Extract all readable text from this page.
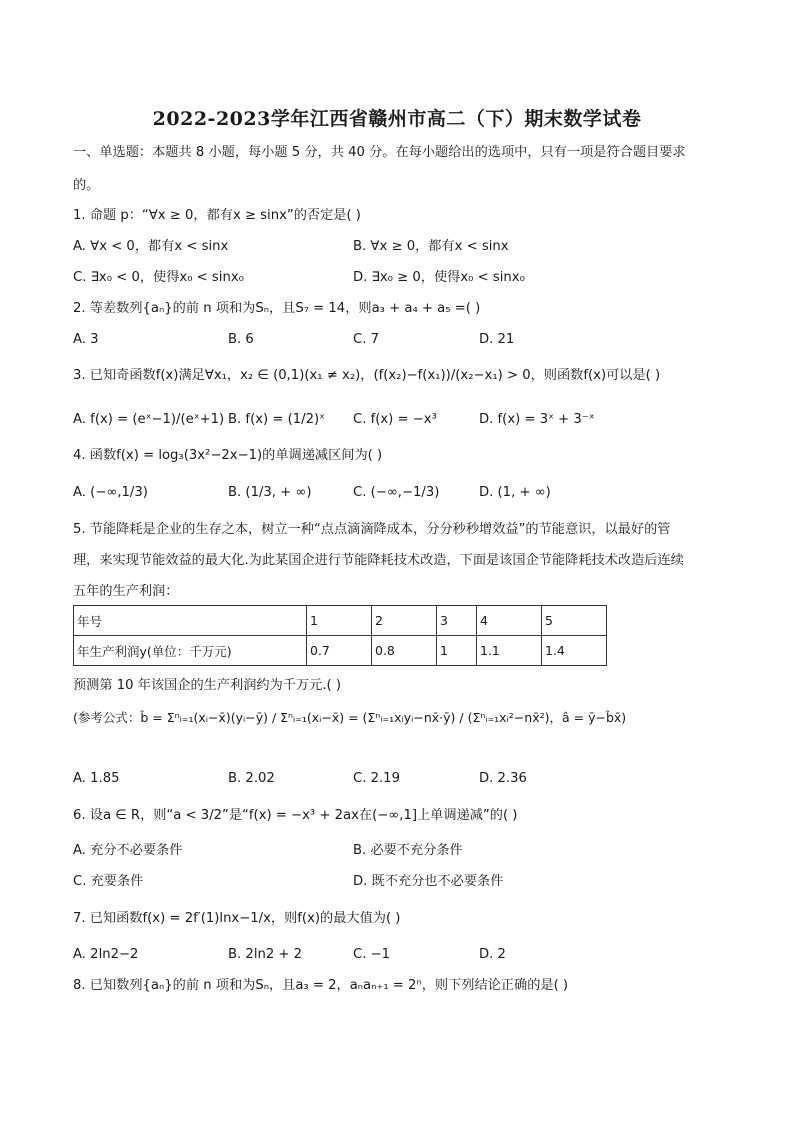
2022-2023学年江西省赣州市高二（下）期末数学试卷
一、单选题：本题共 8 小题，每小题 5 分，共 40 分。在每小题给出的选项中，只有一项是符合题目要求
的。
1. 命题 p：“∀x ≥ 0，都有x ≥ sinx”的否定是( )
A. ∀x < 0，都有x < sinx	B. ∀x ≥ 0，都有x < sinx
C. ∃x₀ < 0，使得x₀ < sinx₀	D. ∃x₀ ≥ 0，使得x₀ < sinx₀
2. 等差数列{aₙ}的前 n 项和为Sₙ，且S₇ = 14，则a₃ + a₄ + a₅ =( )
A. 3	B. 6	C. 7	D. 21
3. 已知奇函数f(x)满足∀x₁，x₂ ∈ (0,1)(x₁ ≠ x₂)，(f(x₂)−f(x₁))/(x₂−x₁) > 0，则函数f(x)可以是( )
A. f(x) = (eˣ−1)/(eˣ+1) B. f(x) = (1/2)ˣ C. f(x) = −x³	D. f(x) = 3ˣ + 3⁻ˣ
4. 函数f(x) = log₃(3x²−2x−1)的单调递减区间为( )
A. (−∞,1/3)	B. (1/3, + ∞)	C. (−∞,−1/3)	D. (1, + ∞)
5. 节能降耗是企业的生存之本，树立一种“点点滴滴降成本，分分秒秒增效益”的节能意识，以最好的管
理，来实现节能效益的最大化.为此某国企进行节能降耗技术改造，下面是该国企节能降耗技术改造后连续
五年的生产利润：
年号	1	2	3	4	5
年生产利润y(单位：千万元)	0.7	0.8	1	1.1	1.4
预测第 10 年该国企的生产利润约为千万元.( )
(参考公式：b̂ = Σⁿᵢ₌₁(xᵢ−x̄)(yᵢ−ȳ) / Σⁿᵢ₌₁(xᵢ−x̄) = (Σⁿᵢ₌₁xᵢyᵢ−nx̄·ȳ) / (Σⁿᵢ₌₁xᵢ²−nx̄²)，â = ȳ−b̂x̄)
A. 1.85	B. 2.02	C. 2.19	D. 2.36
6. 设a ∈ R，则“a < 3/2”是“f(x) = −x³ + 2ax在(−∞,1]上单调递减”的( )
A. 充分不必要条件	B. 必要不充分条件
C. 充要条件	D. 既不充分也不必要条件
7. 已知函数f(x) = 2f′(1)lnx−1/x，则f(x)的最大值为( )
A. 2ln2−2	B. 2ln2 + 2	C. −1	D. 2
8. 已知数列{aₙ}的前 n 项和为Sₙ，且a₃ = 2，aₙaₙ₊₁ = 2ⁿ，则下列结论正确的是( )
